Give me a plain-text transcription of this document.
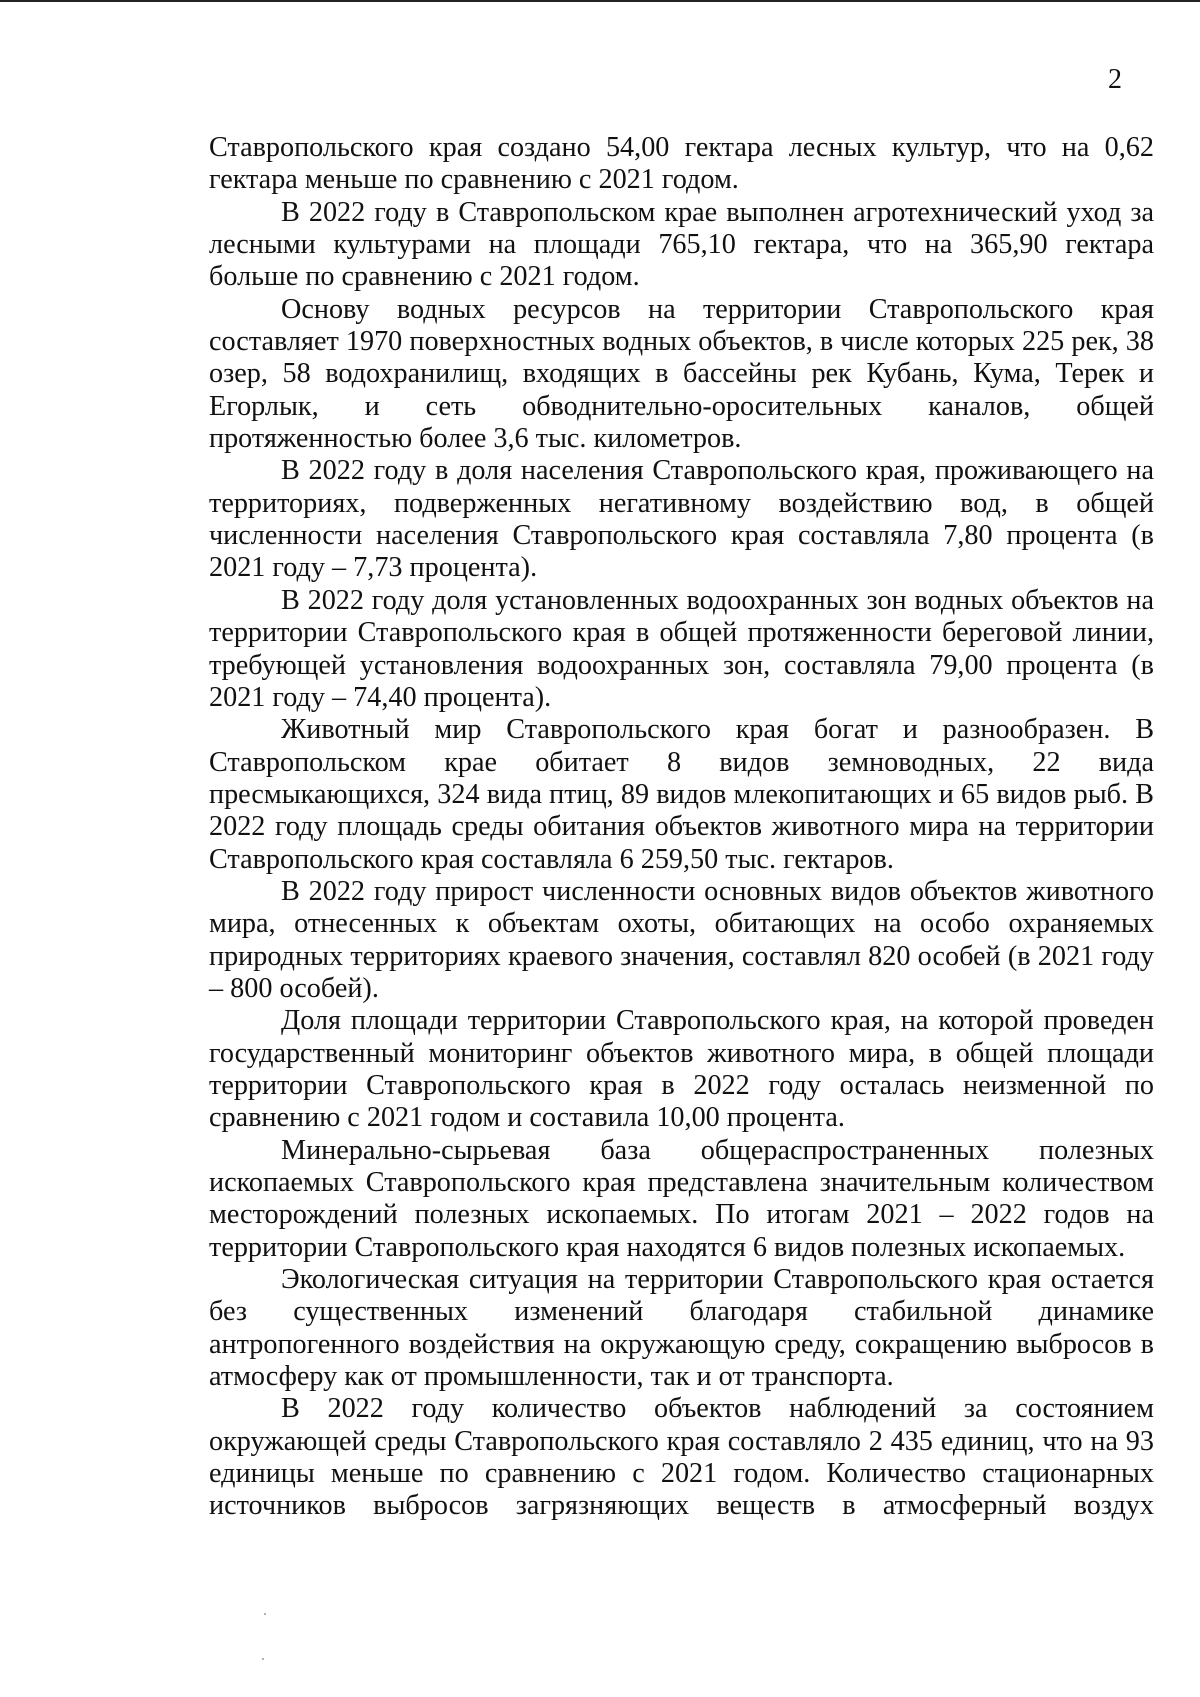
2

Ставропольского края создано 54,00 гектара лесных культур, что на 0,62 гектара меньше по сравнению с 2021 годом.

В 2022 году в Ставропольском крае выполнен агротехнический уход за лесными культурами на площади 765,10 гектара, что на 365,90 гектара больше по сравнению с 2021 годом.

Основу водных ресурсов на территории Ставропольского края составляет 1970 поверхностных водных объектов, в числе которых 225 рек, 38 озер, 58 водохранилищ, входящих в бассейны рек Кубань, Кума, Терек и Егорлык, и сеть обводнительно-оросительных каналов, общей протяженностью более 3,6 тыс. километров.

В 2022 году в доля населения Ставропольского края, проживающего на территориях, подверженных негативному воздействию вод, в общей численности населения Ставропольского края составляла 7,80 процента (в 2021 году – 7,73 процента).

В 2022 году доля установленных водоохранных зон водных объектов на территории Ставропольского края в общей протяженности береговой линии, требующей установления водоохранных зон, составляла 79,00 процента (в 2021 году – 74,40 процента).

Животный мир Ставропольского края богат и разнообразен. В Ставропольском крае обитает 8 видов земноводных, 22 вида пресмыкающихся, 324 вида птиц, 89 видов млекопитающих и 65 видов рыб. В 2022 году площадь среды обитания объектов животного мира на территории Ставропольского края составляла 6 259,50 тыс. гектаров.

В 2022 году прирост численности основных видов объектов животного мира, отнесенных к объектам охоты, обитающих на особо охраняемых природных территориях краевого значения, составлял 820 особей (в 2021 году – 800 особей).

Доля площади территории Ставропольского края, на которой проведен государственный мониторинг объектов животного мира, в общей площади территории Ставропольского края в 2022 году осталась неизменной по сравнению с 2021 годом и составила 10,00 процента.

Минерально-сырьевая база общераспространенных полезных ископаемых Ставропольского края представлена значительным количеством месторождений полезных ископаемых. По итогам 2021 – 2022 годов на территории Ставропольского края находятся 6 видов полезных ископаемых.

Экологическая ситуация на территории Ставропольского края остается без существенных изменений благодаря стабильной динамике антропогенного воздействия на окружающую среду, сокращению выбросов в атмосферу как от промышленности, так и от транспорта.

В 2022 году количество объектов наблюдений за состоянием окружающей среды Ставропольского края составляло 2 435 единиц, что на 93 единицы меньше по сравнению с 2021 годом. Количество стационарных источников выбросов загрязняющих веществ в атмосферный воздух
